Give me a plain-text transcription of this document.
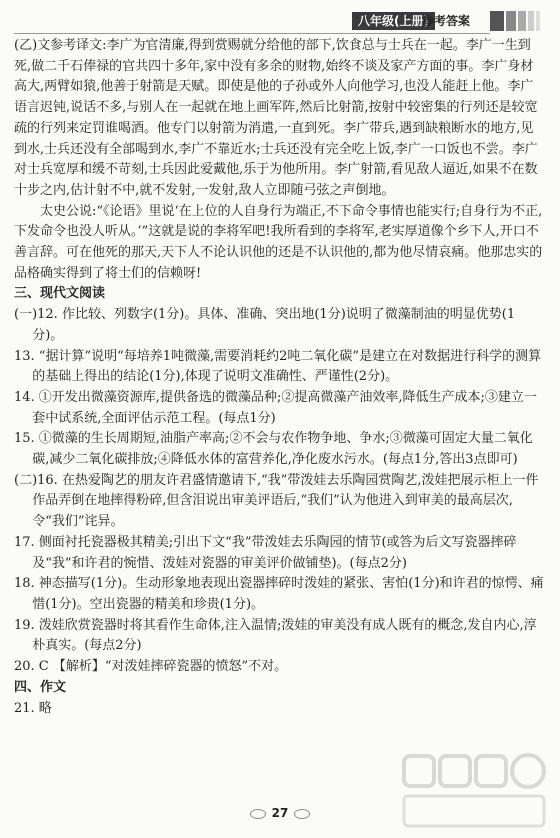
八年级(上册)
参考答案

(乙)文参考译文:李广为官清廉,得到赏赐就分给他的部下,饮食总与士兵在一起。李广一生到死,做二千石俸禄的官共四十多年,家中没有多余的财物,始终不谈及家产方面的事。李广身材高大,两臂如猿,他善于射箭是天赋。即使是他的子孙或外人向他学习,也没人能赶上他。李广语言迟钝,说话不多,与别人在一起就在地上画军阵,然后比射箭,按射中较密集的行列还是较宽疏的行列来定罚谁喝酒。他专门以射箭为消遣,一直到死。李广带兵,遇到缺粮断水的地方,见到水,士兵还没有全部喝到水,李广不靠近水;士兵还没有完全吃上饭,李广一口饭也不尝。李广对士兵宽厚和缓不苛刻,士兵因此爱戴他,乐于为他所用。李广射箭,看见敌人逼近,如果不在数十步之内,估计射不中,就不发射,一发射,敌人立即随弓弦之声倒地。

太史公说:“《论语》里说‘在上位的人自身行为端正,不下命令事情也能实行;自身行为不正,下发命令也没人听从。’”这就是说的李将军吧!我所看到的李将军,老实厚道像个乡下人,开口不善言辞。可在他死的那天,天下人不论认识他的还是不认识他的,都为他尽情哀痛。他那忠实的品格确实得到了将士们的信赖呀!

三、现代文阅读

(一)12. 作比较、列数字(1分)。具体、准确、突出地(1分)说明了微藻制油的明显优势(1分)。

13. “据计算”说明“每培养1吨微藻,需要消耗约2吨二氧化碳”是建立在对数据进行科学的测算的基础上得出的结论(1分),体现了说明文准确性、严谨性(2分)。

14. ①开发出微藻资源库,提供备选的微藻品种;②提高微藻产油效率,降低生产成本;③建立一套中试系统,全面评估示范工程。(每点1分)

15. ①微藻的生长周期短,油脂产率高;②不会与农作物争地、争水;③微藻可固定大量二氧化碳,减少二氧化碳排放;④降低水体的富营养化,净化废水污水。(每点1分,答出3点即可)

(二)16. 在热爱陶艺的朋友许君盛情邀请下,“我”带泼娃去乐陶园赏陶艺,泼娃把展示柜上一件作品弄倒在地摔得粉碎,但含泪说出审美评语后,“我们”认为他进入到审美的最高层次,令“我们”诧异。

17. 侧面衬托瓷器极其精美;引出下文“我”带泼娃去乐陶园的情节(或答为后文写瓷器摔碎及“我”和许君的惋惜、泼娃对瓷器的审美评价做铺垫)。(每点2分)

18. 神态描写(1分)。生动形象地表现出瓷器摔碎时泼娃的紧张、害怕(1分)和许君的惊愕、痛惜(1分)。空出瓷器的精美和珍贵(1分)。

19. 泼娃欣赏瓷器时将其看作生命体,注入温情;泼娃的审美没有成人既有的概念,发自内心,淳朴真实。(每点2分)

20. C 【解析】“对泼娃摔碎瓷器的愤怒”不对。

四、作文

21. 略

27
